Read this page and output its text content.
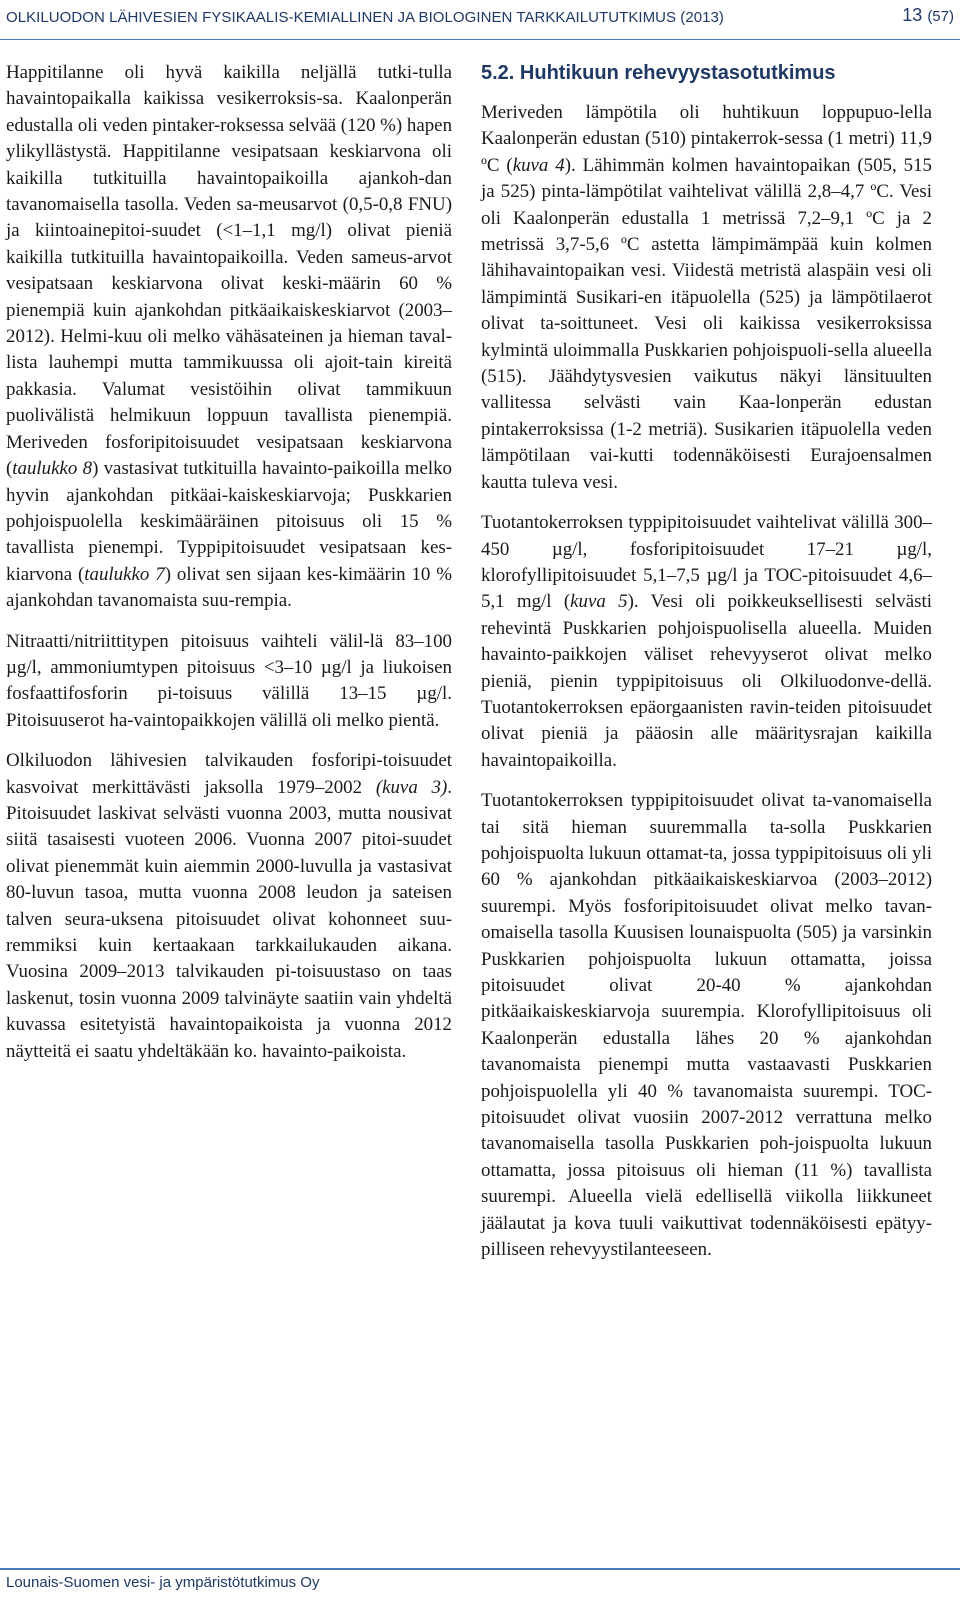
OLKILUODON LÄHIVESIEN FYSIKAALIS-KEMIALLINEN JA BIOLOGINEN TARKKAILUTUTKIMUS (2013)	13 (57)

Happitilanne oli hyvä kaikilla neljällä tutki-tulla havaintopaikalla kaikissa vesikerroksis-sa. Kaalonperän edustalla oli veden pintaker-roksessa selvää (120 %) hapen ylikyllästystä. Happitilanne vesipatsaan keskiarvona oli kaikilla tutkituilla havaintopaikoilla ajankoh-dan tavanomaisella tasolla. Veden sa-meusarvot (0,5-0,8 FNU) ja kiintoainepitoi-suudet (<1–1,1 mg/l) olivat pieniä kaikilla tutkituilla havaintopaikoilla. Veden sameus-arvot vesipatsaan keskiarvona olivat keski-määrin 60 % pienempiä kuin ajankohdan pitkäaikaiskeskiarvot (2003–2012). Helmi-kuu oli melko vähäsateinen ja hieman taval-lista lauhempi mutta tammikuussa oli ajoit-tain kireitä pakkasia. Valumat vesistöihin olivat tammikuun puolivälistä helmikuun loppuun tavallista pienempiä. Meriveden fosforipitoisuudet vesipatsaan keskiarvona (taulukko 8) vastasivat tutkituilla havainto-paikoilla melko hyvin ajankohdan pitkäai-kaiskeskiarvoja; Puskkarien pohjoispuolella keskimääräinen pitoisuus oli 15 % tavallista pienempi. Typpipitoisuudet vesipatsaan kes-kiarvona (taulukko 7) olivat sen sijaan kes-kimäärin 10 % ajankohdan tavanomaista suu-rempia.

Nitraatti/nitriittitypen pitoisuus vaihteli välil-lä 83–100 µg/l, ammoniumtypen pitoisuus <3–10 µg/l ja liukoisen fosfaattifosforin pi-toisuus välillä 13–15 µg/l. Pitoisuuserot ha-vaintopaikkojen välillä oli melko pientä.

Olkiluodon lähivesien talvikauden fosforipi-toisuudet kasvoivat merkittävästi jaksolla 1979–2002 (kuva 3). Pitoisuudet laskivat selvästi vuonna 2003, mutta nousivat siitä tasaisesti vuoteen 2006. Vuonna 2007 pitoi-suudet olivat pienemmät kuin aiemmin 2000-luvulla ja vastasivat 80-luvun tasoa, mutta vuonna 2008 leudon ja sateisen talven seura-uksena pitoisuudet olivat kohonneet suu-remmiksi kuin kertaakaan tarkkailukauden aikana. Vuosina 2009–2013 talvikauden pi-toisuustaso on taas laskenut, tosin vuonna 2009 talvinäyte saatiin vain yhdeltä kuvassa esitetyistä havaintopaikoista ja vuonna 2012 näytteitä ei saatu yhdeltäkään ko. havainto-paikoista.

5.2. Huhtikuun rehevyystasotutkimus

Meriveden lämpötila oli huhtikuun loppupuo-lella Kaalonperän edustan (510) pintakerrok-sessa (1 metri) 11,9 ºC (kuva 4). Lähimmän kolmen havaintopaikan (505, 515 ja 525) pinta-lämpötilat vaihtelivat välillä 2,8–4,7 ºC. Vesi oli Kaalonperän edustalla 1 metrissä 7,2–9,1 ºC ja 2 metrissä 3,7-5,6 ºC astetta lämpimämpää kuin kolmen lähihavaintopaikan vesi. Viidestä metristä alaspäin vesi oli lämpimintä Susikari-en itäpuolella (525) ja lämpötilaerot olivat ta-soittuneet. Vesi oli kaikissa vesikerroksissa kylmintä uloimmalla Puskkarien pohjoispuoli-sella alueella (515). Jäähdytysvesien vaikutus näkyi länsituulten vallitessa selvästi vain Kaa-lonperän edustan pintakerroksissa (1-2 metriä). Susikarien itäpuolella veden lämpötilaan vai-kutti todennäköisesti Eurajoensalmen kautta tuleva vesi.

Tuotantokerroksen typpipitoisuudet vaihtelivat välillä 300–450 µg/l, fosforipitoisuudet 17–21 µg/l, klorofyllipitoisuudet 5,1–7,5 µg/l ja TOC-pitoisuudet 4,6–5,1 mg/l (kuva 5). Vesi oli poikkeuksellisesti selvästi rehevintä Puskkarien pohjoispuolisella alueella. Muiden havainto-paikkojen väliset rehevyyserot olivat melko pieniä, pienin typpipitoisuus oli Olkiluodonve-dellä. Tuotantokerroksen epäorgaanisten ravin-teiden pitoisuudet olivat pieniä ja pääosin alle määritysrajan kaikilla havaintopaikoilla.

Tuotantokerroksen typpipitoisuudet olivat ta-vanomaisella tai sitä hieman suuremmalla ta-solla Puskkarien pohjoispuolta lukuun ottamat-ta, jossa typpipitoisuus oli yli 60 % ajankohdan pitkäaikaiskeskiarvoa (2003–2012) suurempi. Myös fosforipitoisuudet olivat melko tavan-omaisella tasolla Kuusisen lounaispuolta (505) ja varsinkin Puskkarien pohjoispuolta lukuun ottamatta, joissa pitoisuudet olivat 20-40 % ajankohdan pitkäaikaiskeskiarvoja suurempia. Klorofyllipitoisuus oli Kaalonperän edustalla lähes 20 % ajankohdan tavanomaista pienempi mutta vastaavasti Puskkarien pohjoispuolella yli 40 % tavanomaista suurempi. TOC-pitoisuudet olivat vuosiin 2007-2012 verrattuna melko tavanomaisella tasolla Puskkarien poh-joispuolta lukuun ottamatta, jossa pitoisuus oli hieman (11 %) tavallista suurempi. Alueella vielä edellisellä viikolla liikkuneet jäälautat ja kova tuuli vaikuttivat todennäköisesti epätyy-pilliseen rehevyystilanteeseen.

Lounais-Suomen vesi- ja ympäristötutkimus Oy
